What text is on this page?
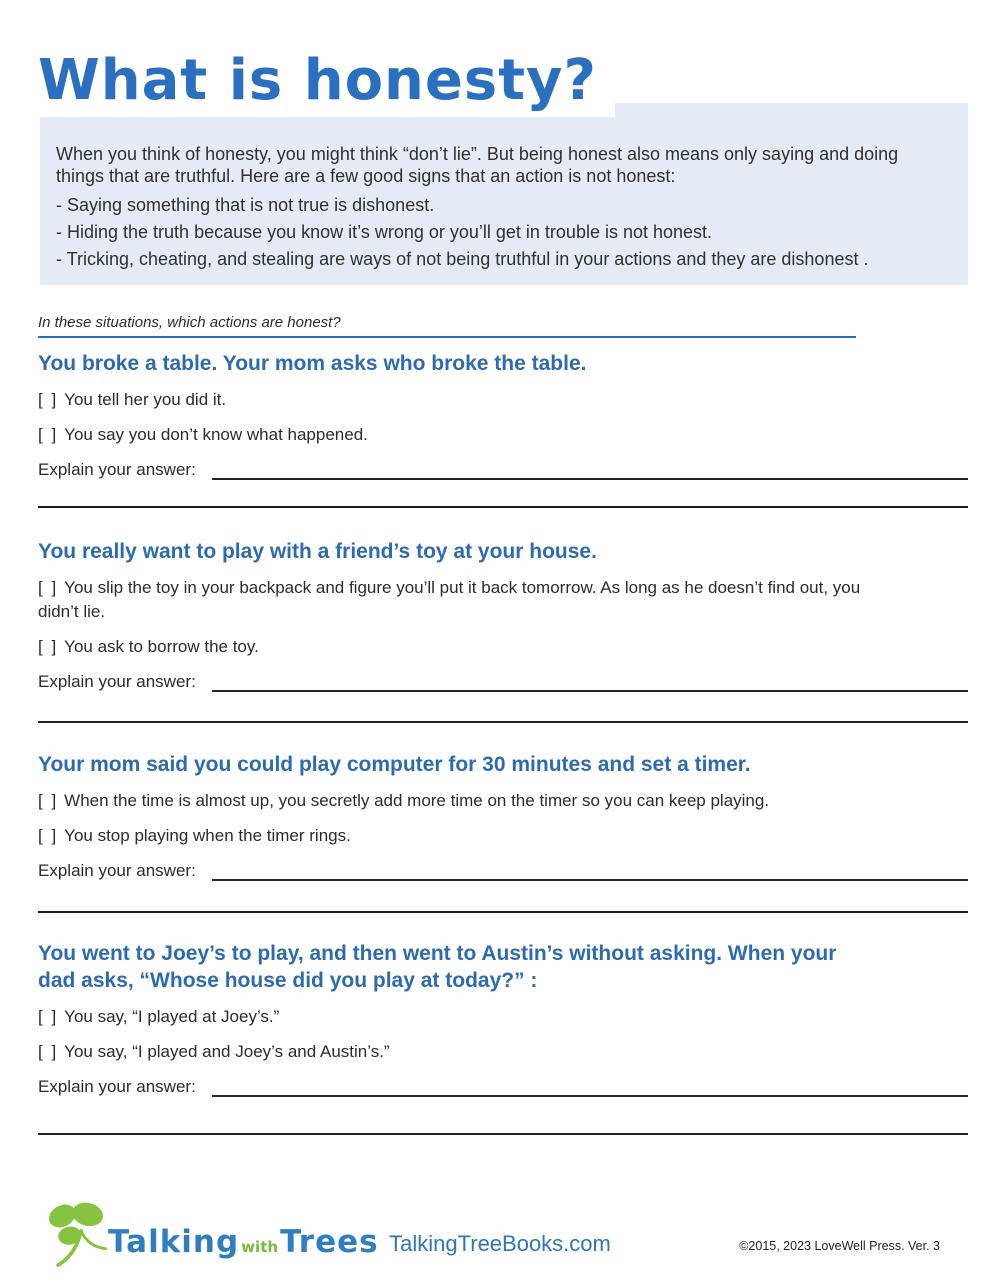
When you think of honesty, you might think “don’t lie”. But being honest also means only saying and doing things that are truthful. Here are a few good signs that an action is not honest:

- Saying something that is not true is dishonest.

- Hiding the truth because you know it’s wrong or you’ll get in trouble is not honest.

- Tricking, cheating, and stealing are ways of not being truthful in your actions and they are dishonest .

What is honesty?
In these situations, which actions are honest?
You broke a table. Your mom asks who broke the table.
[ ] You tell her you did it.
[ ] You say you don’t know what happened.
Explain your answer:
You really want to play with a friend’s toy at your house.
[ ] You slip the toy in your backpack and figure you’ll put it back tomorrow. As long as he doesn’t find out, you didn’t lie.
[ ] You ask to borrow the toy.
Explain your answer:
Your mom said you could play computer for 30 minutes and set a timer.
[ ] When the time is almost up, you secretly add more time on the timer so you can keep playing.
[ ] You stop playing when the timer rings.
Explain your answer:
You went to Joey’s to play, and then went to Austin’s without asking. When your dad asks, “Whose house did you play at today?” :
[ ] You say, “I played at Joey’s.”
[ ] You say, “I played and Joey’s and Austin’s.”
Explain your answer:
Talking withTrees TalkingTreeBooks.com	©2015, 2023 LoveWell Press. Ver. 3
